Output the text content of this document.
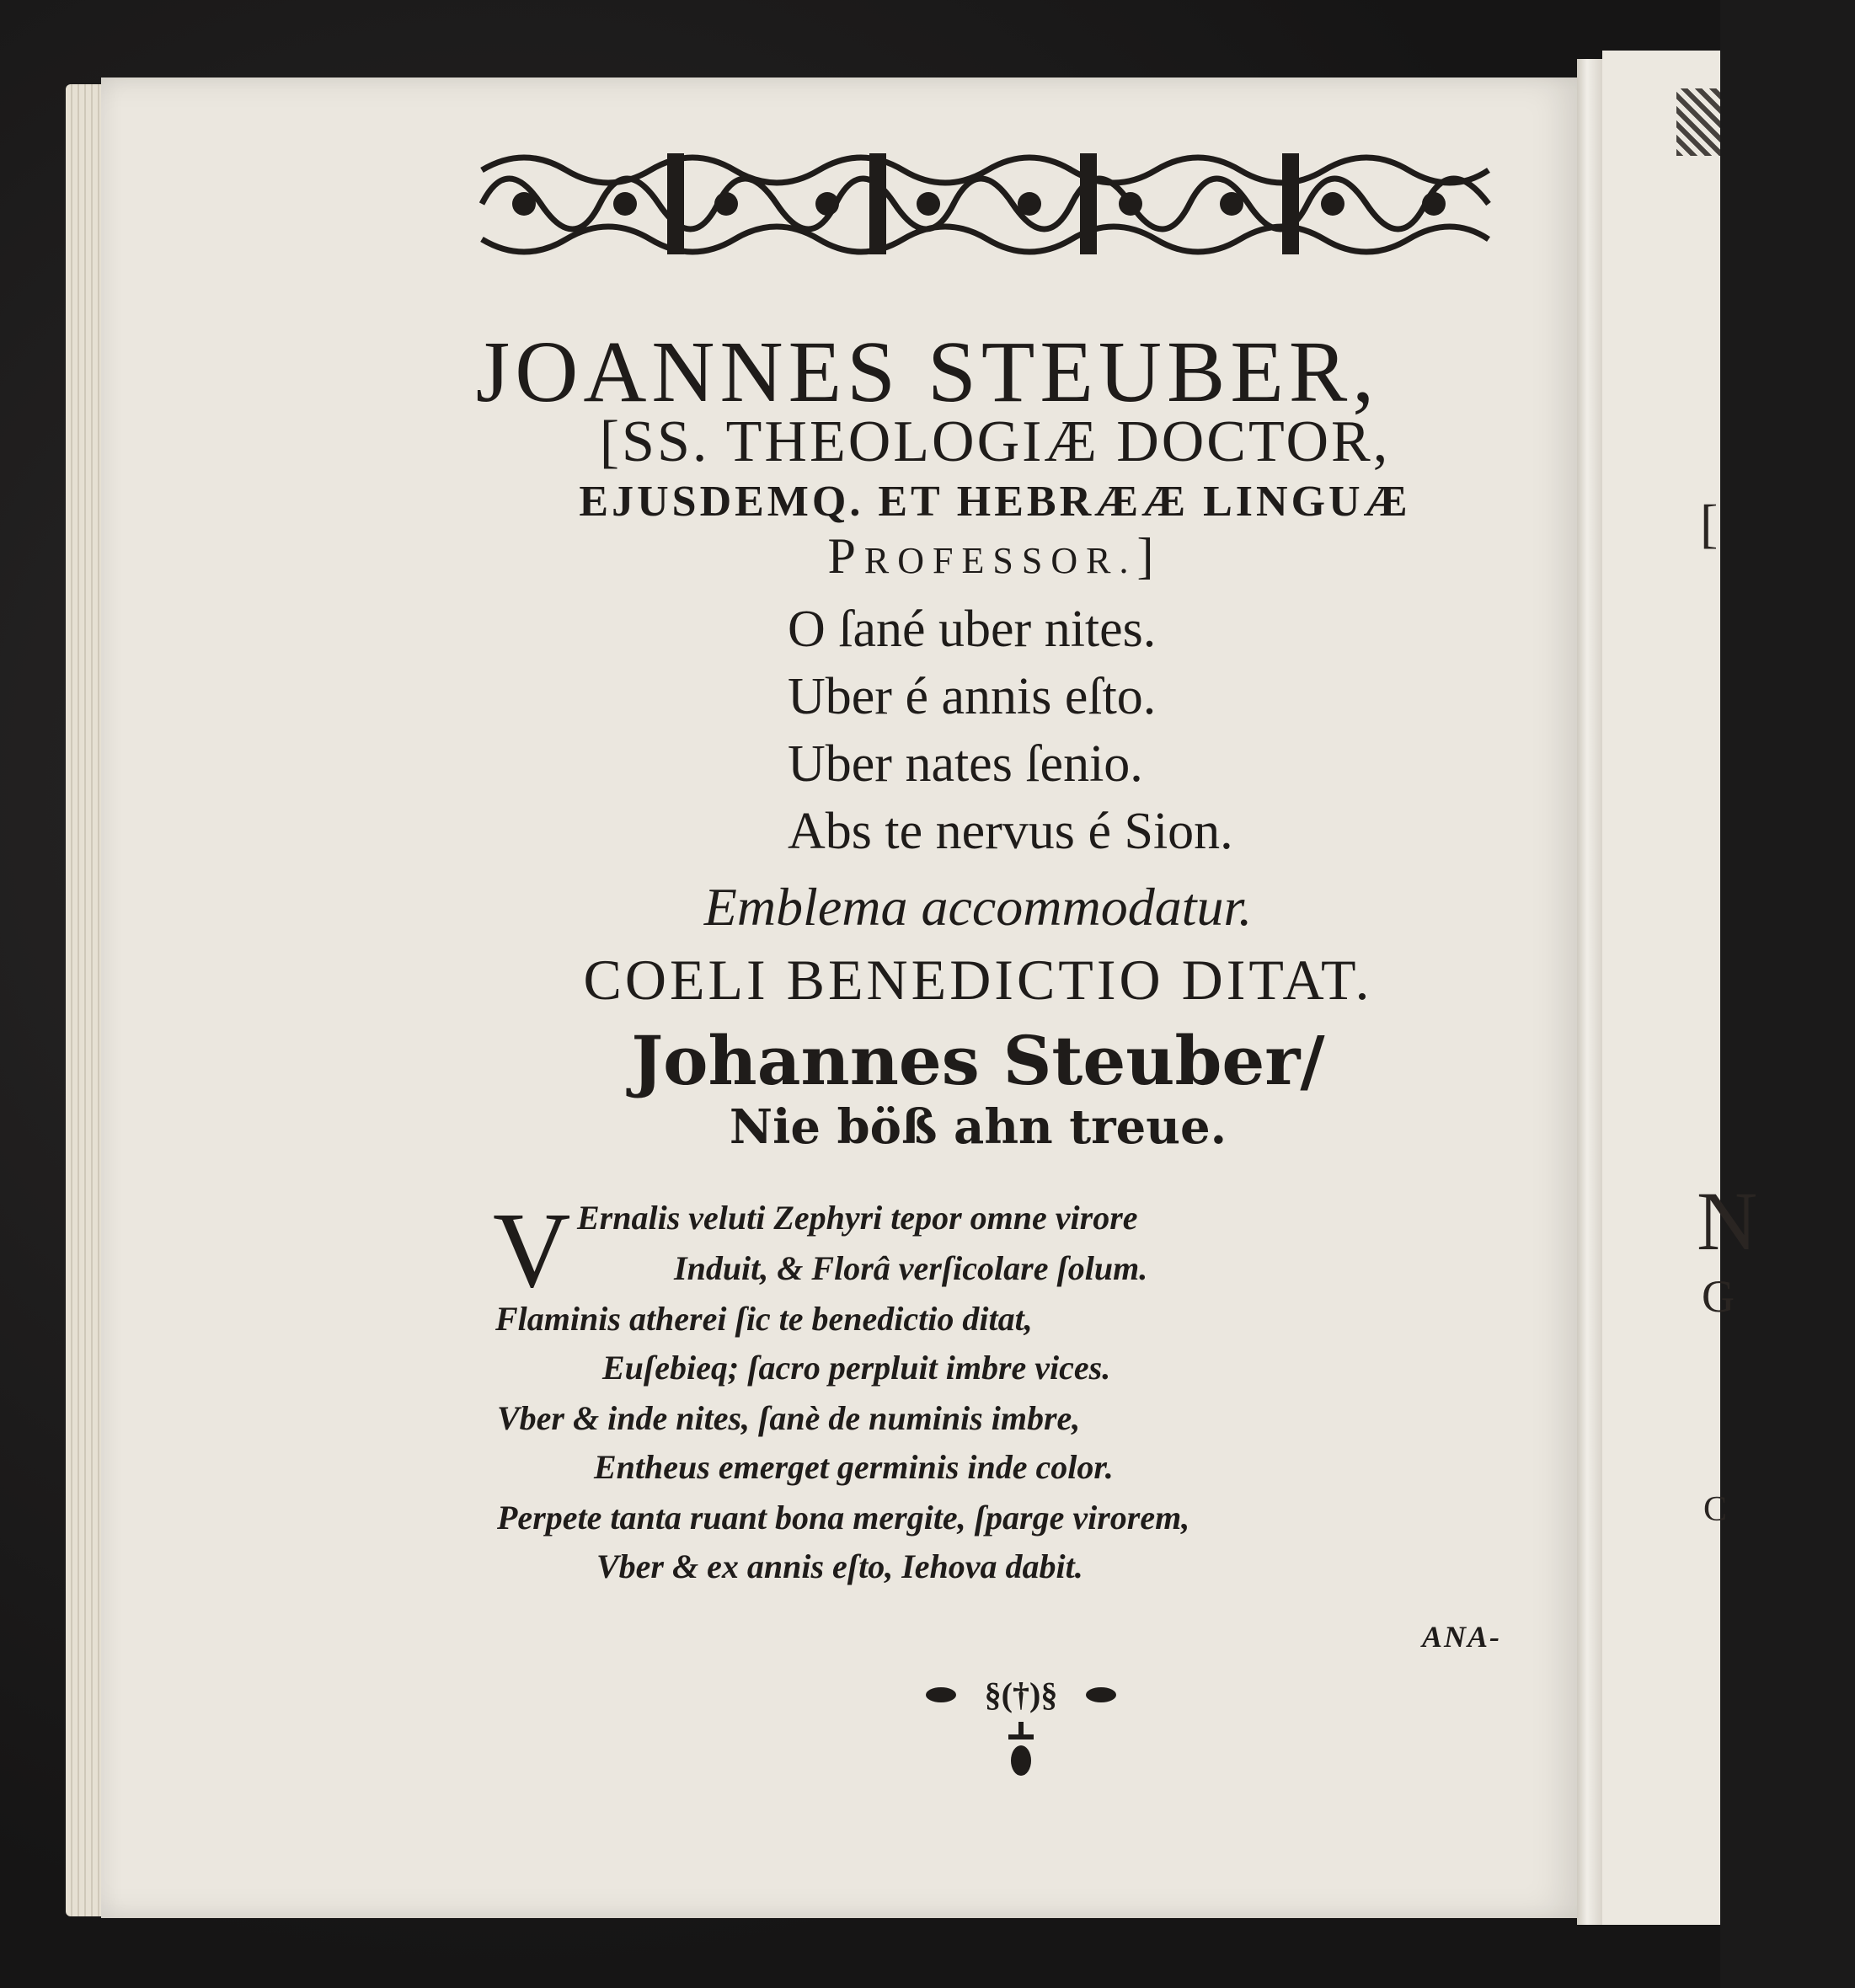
[
N
G
C
JOANNES STEUBER,
[SS. THEOLOGIÆ DOCTOR,
EJUSDEMQ. ET HEBRÆÆ LINGUÆ
PROFESSOR.]
O ſané uber nites.
Uber é annis eſto.
Uber nates ſenio.
Abs te nervus é Sion.
Emblema accommodatur.
COELI BENEDICTIO DITAT.
Johannes Steuber/
Nie böß ahn treue.
V Ernalis veluti Zephyri tepor omne virore
Induit, & Florâ verſicolare ſolum.
Flaminis atherei ſic te benedictio ditat,
Euſebieq; ſacro perpluit imbre vices.
Vber & inde nites, ſanè de numinis imbre,
Entheus emerget germinis inde color.
Perpete tanta ruant bona mergite, ſparge virorem,
Vber & ex annis eſto, Iehova dabit.
ANA-
§(†)§
